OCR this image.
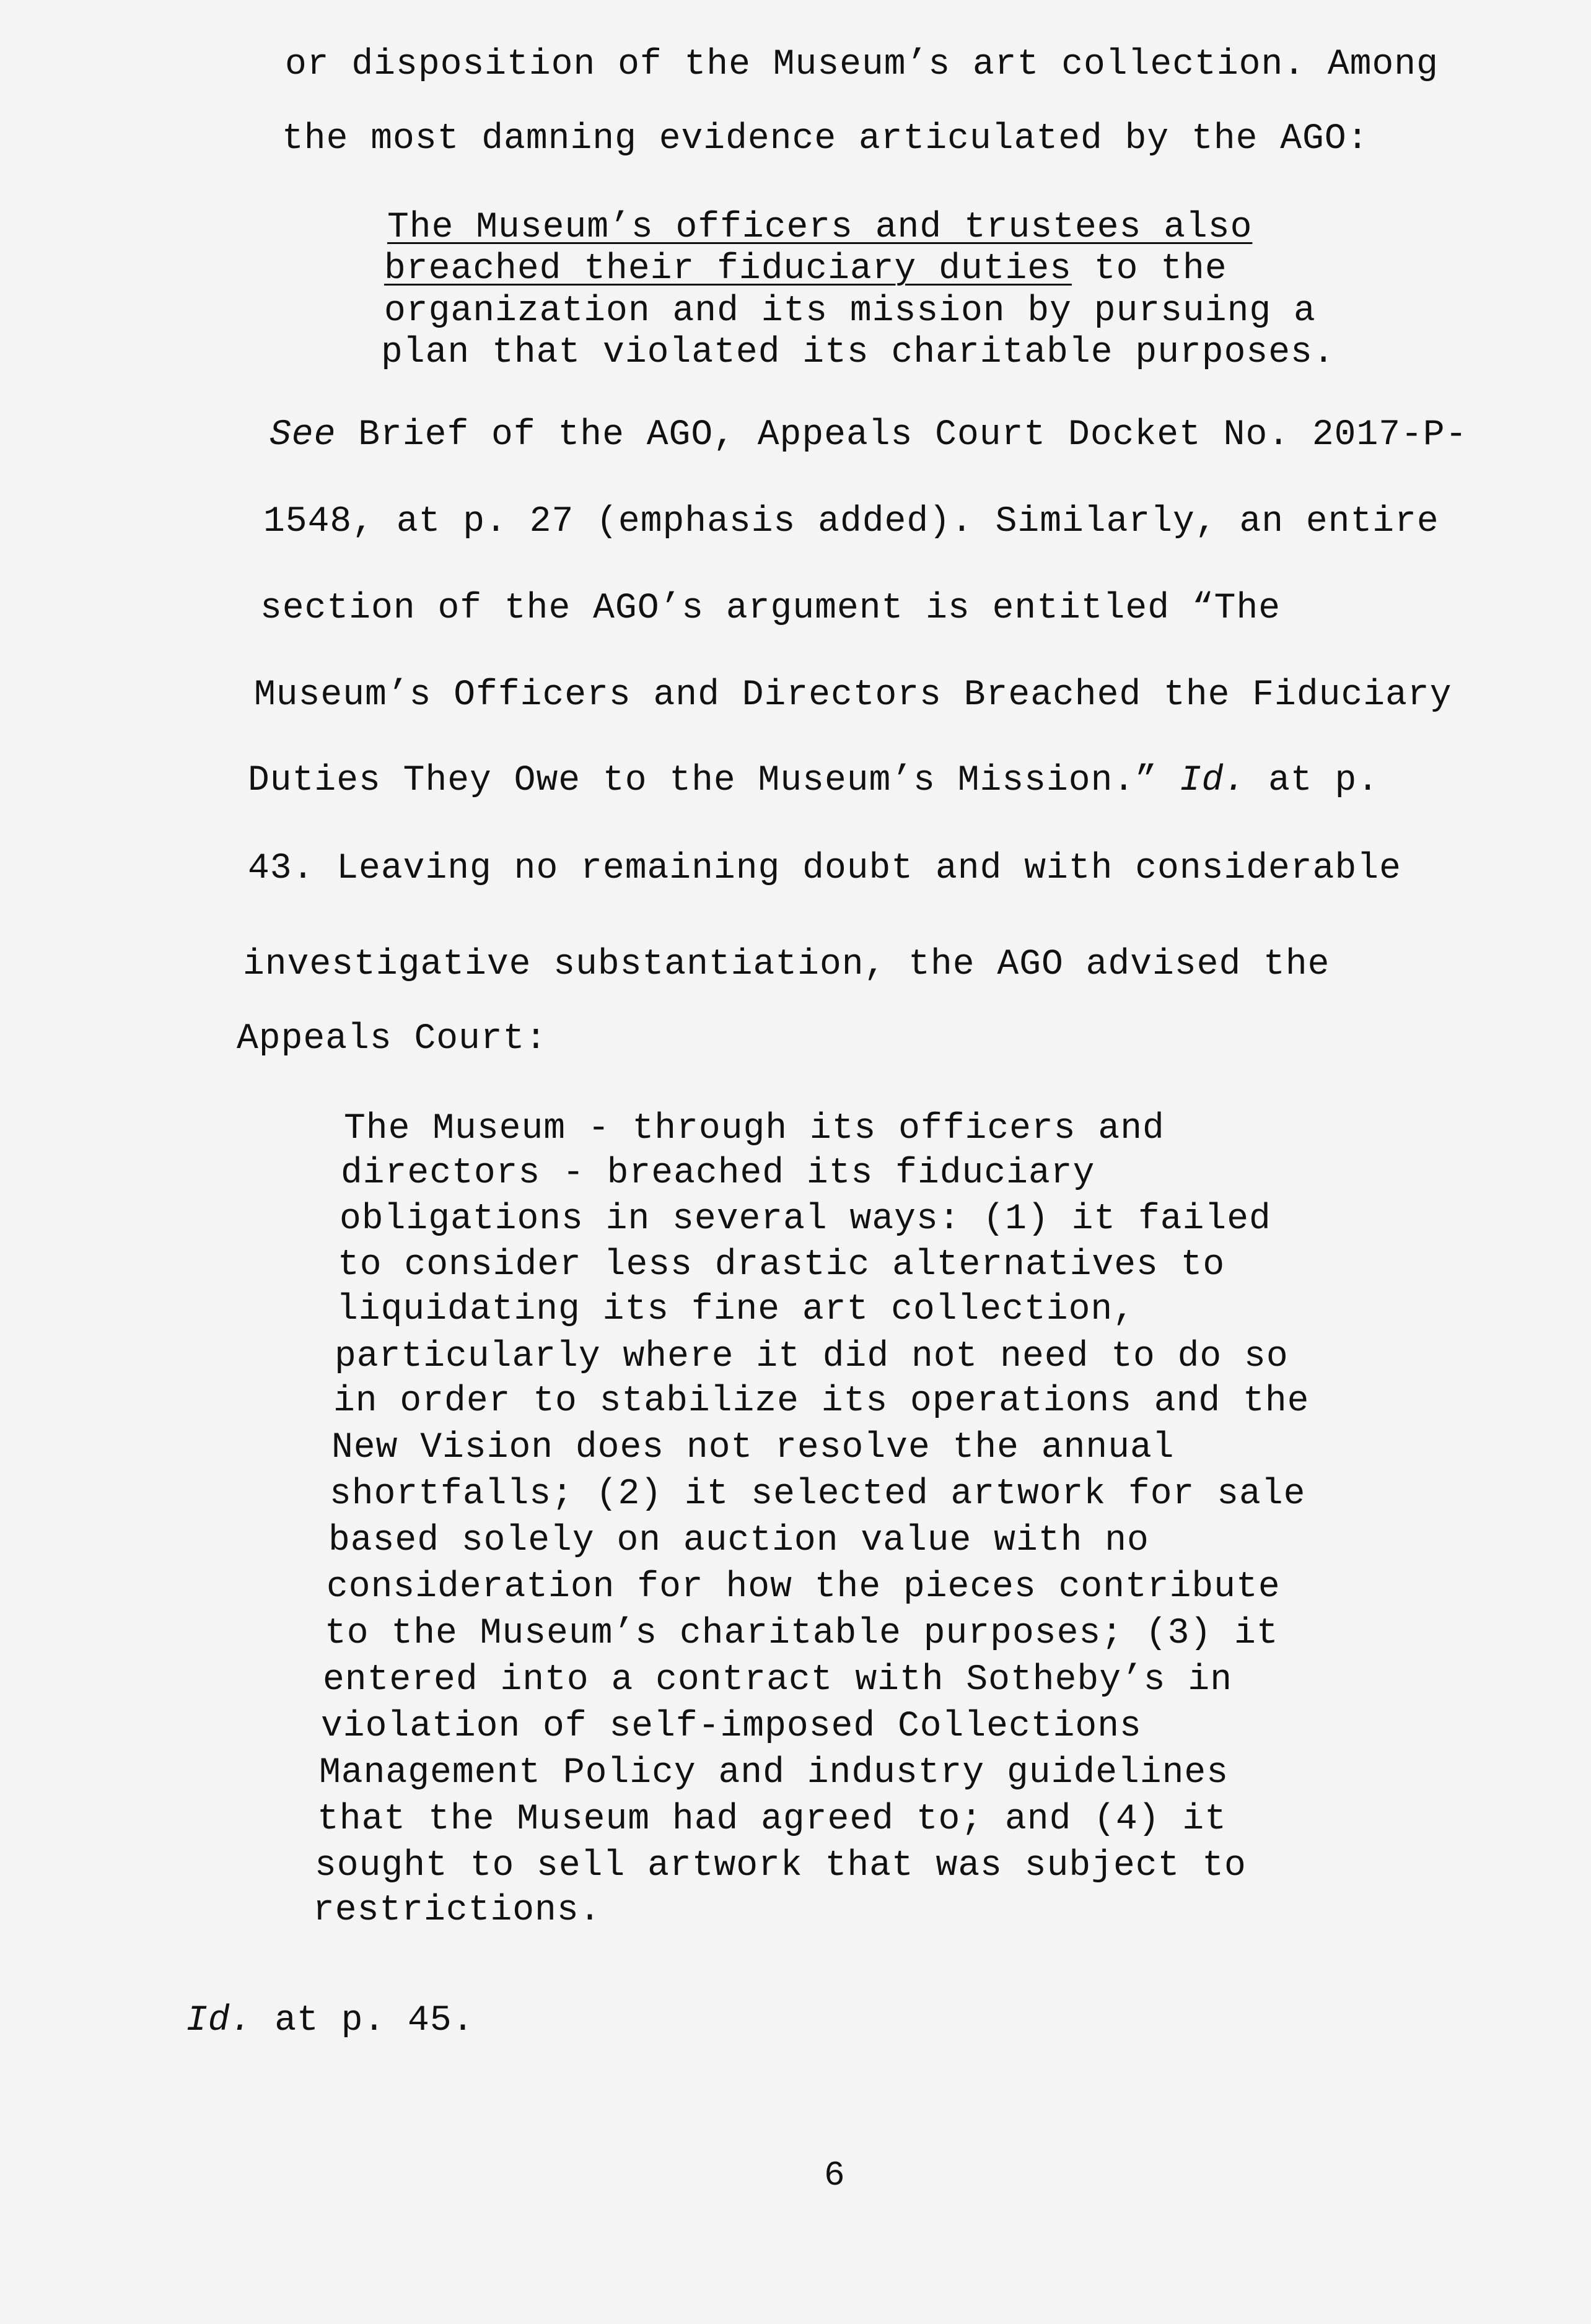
or disposition of the Museum’s art collection. Among
the most damning evidence articulated by the AGO:
The Museum’s officers and trustees also
breached their fiduciary duties to the
organization and its mission by pursuing a
plan that violated its charitable purposes.
See Brief of the AGO, Appeals Court Docket No. 2017-P-
1548, at p. 27 (emphasis added). Similarly, an entire
section of the AGO’s argument is entitled “The
Museum’s Officers and Directors Breached the Fiduciary
Duties They Owe to the Museum’s Mission.” Id. at p.
43. Leaving no remaining doubt and with considerable
investigative substantiation, the AGO advised the
Appeals Court:
The Museum - through its officers and
directors - breached its fiduciary
obligations in several ways: (1) it failed
to consider less drastic alternatives to
liquidating its fine art collection,
particularly where it did not need to do so
in order to stabilize its operations and the
New Vision does not resolve the annual
shortfalls; (2) it selected artwork for sale
based solely on auction value with no
consideration for how the pieces contribute
to the Museum’s charitable purposes; (3) it
entered into a contract with Sotheby’s in
violation of self-imposed Collections
Management Policy and industry guidelines
that the Museum had agreed to; and (4) it
sought to sell artwork that was subject to
restrictions.
Id. at p. 45.
6
